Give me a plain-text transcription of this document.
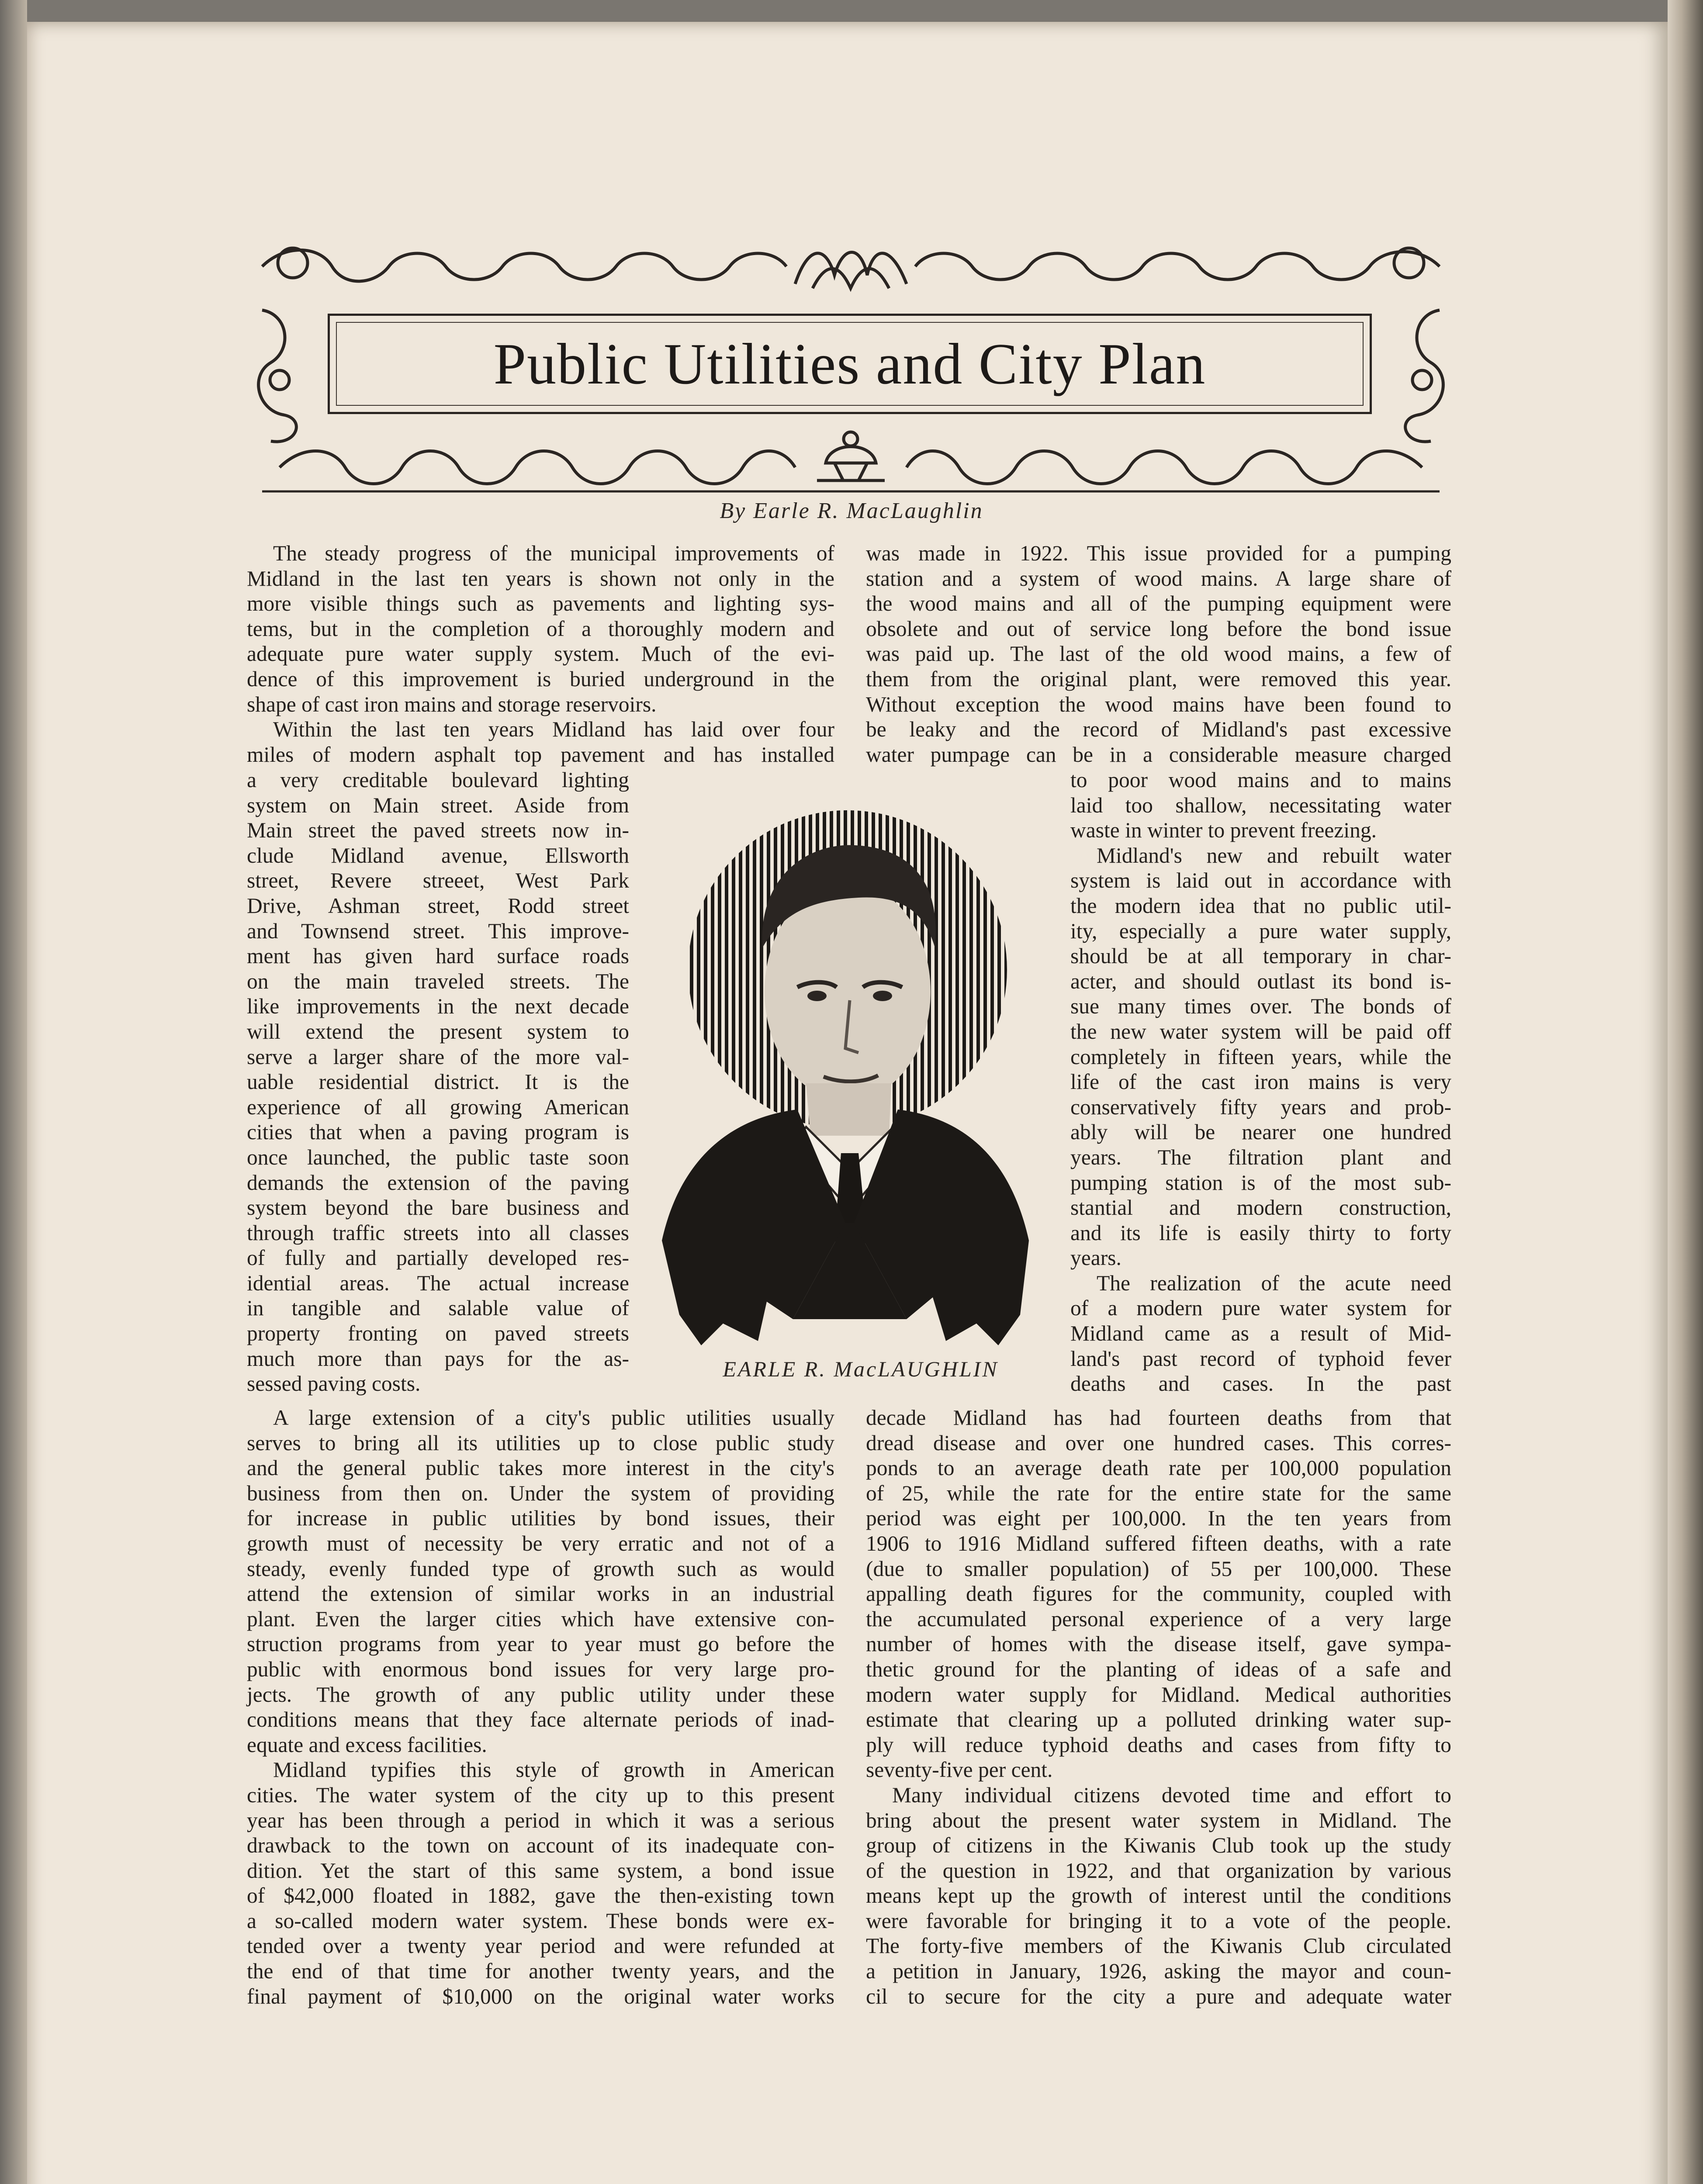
Public Utilities and City Plan
By Earle R. MacLaughlin
The steady progress of the municipal improvements of
Midland in the last ten years is shown not only in the
more visible things such as pavements and lighting sys-
tems, but in the completion of a thoroughly modern and
adequate pure water supply system. Much of the evi-
dence of this improvement is buried underground in the
shape of cast iron mains and storage reservoirs.
Within the last ten years Midland has laid over four
miles of modern asphalt top pavement and has installed
a very creditable boulevard lighting
system on Main street. Aside from
Main street the paved streets now in-
clude Midland avenue, Ellsworth
street, Revere streeet, West Park
Drive, Ashman street, Rodd street
and Townsend street. This improve-
ment has given hard surface roads
on the main traveled streets. The
like improvements in the next decade
will extend the present system to
serve a larger share of the more val-
uable residential district. It is the
experience of all growing American
cities that when a paving program is
once launched, the public taste soon
demands the extension of the paving
system beyond the bare business and
through traffic streets into all classes
of fully and partially developed res-
idential areas. The actual increase
in tangible and salable value of
property fronting on paved streets
much more than pays for the as-
sessed paving costs.
A large extension of a city's public utilities usually
serves to bring all its utilities up to close public study
and the general public takes more interest in the city's
business from then on. Under the system of providing
for increase in public utilities by bond issues, their
growth must of necessity be very erratic and not of a
steady, evenly funded type of growth such as would
attend the extension of similar works in an industrial
plant. Even the larger cities which have extensive con-
struction programs from year to year must go before the
public with enormous bond issues for very large pro-
jects. The growth of any public utility under these
conditions means that they face alternate periods of inad-
equate and excess facilities.
Midland typifies this style of growth in American
cities. The water system of the city up to this present
year has been through a period in which it was a serious
drawback to the town on account of its inadequate con-
dition. Yet the start of this same system, a bond issue
of $42,000 floated in 1882, gave the then-existing town
a so-called modern water system. These bonds were ex-
tended over a twenty year period and were refunded at
the end of that time for another twenty years, and the
final payment of $10,000 on the original water works
was made in 1922. This issue provided for a pumping
station and a system of wood mains. A large share of
the wood mains and all of the pumping equipment were
obsolete and out of service long before the bond issue
was paid up. The last of the old wood mains, a few of
them from the original plant, were removed this year.
Without exception the wood mains have been found to
be leaky and the record of Midland's past excessive
water pumpage can be in a considerable measure charged
to poor wood mains and to mains
laid too shallow, necessitating water
waste in winter to prevent freezing.
Midland's new and rebuilt water
system is laid out in accordance with
the modern idea that no public util-
ity, especially a pure water supply,
should be at all temporary in char-
acter, and should outlast its bond is-
sue many times over. The bonds of
the new water system will be paid off
completely in fifteen years, while the
life of the cast iron mains is very
conservatively fifty years and prob-
ably will be nearer one hundred
years. The filtration plant and
pumping station is of the most sub-
stantial and modern construction,
and its life is easily thirty to forty
years.
The realization of the acute need
of a modern pure water system for
Midland came as a result of Mid-
land's past record of typhoid fever
deaths and cases. In the past
decade Midland has had fourteen deaths from that
dread disease and over one hundred cases. This corres-
ponds to an average death rate per 100,000 population
of 25, while the rate for the entire state for the same
period was eight per 100,000. In the ten years from
1906 to 1916 Midland suffered fifteen deaths, with a rate
(due to smaller population) of 55 per 100,000. These
appalling death figures for the community, coupled with
the accumulated personal experience of a very large
number of homes with the disease itself, gave sympa-
thetic ground for the planting of ideas of a safe and
modern water supply for Midland. Medical authorities
estimate that clearing up a polluted drinking water sup-
ply will reduce typhoid deaths and cases from fifty to
seventy-five per cent.
Many individual citizens devoted time and effort to
bring about the present water system in Midland. The
group of citizens in the Kiwanis Club took up the study
of the question in 1922, and that organization by various
means kept up the growth of interest until the conditions
were favorable for bringing it to a vote of the people.
The forty-five members of the Kiwanis Club circulated
a petition in January, 1926, asking the mayor and coun-
cil to secure for the city a pure and adequate water
EARLE R. MacLAUGHLIN
